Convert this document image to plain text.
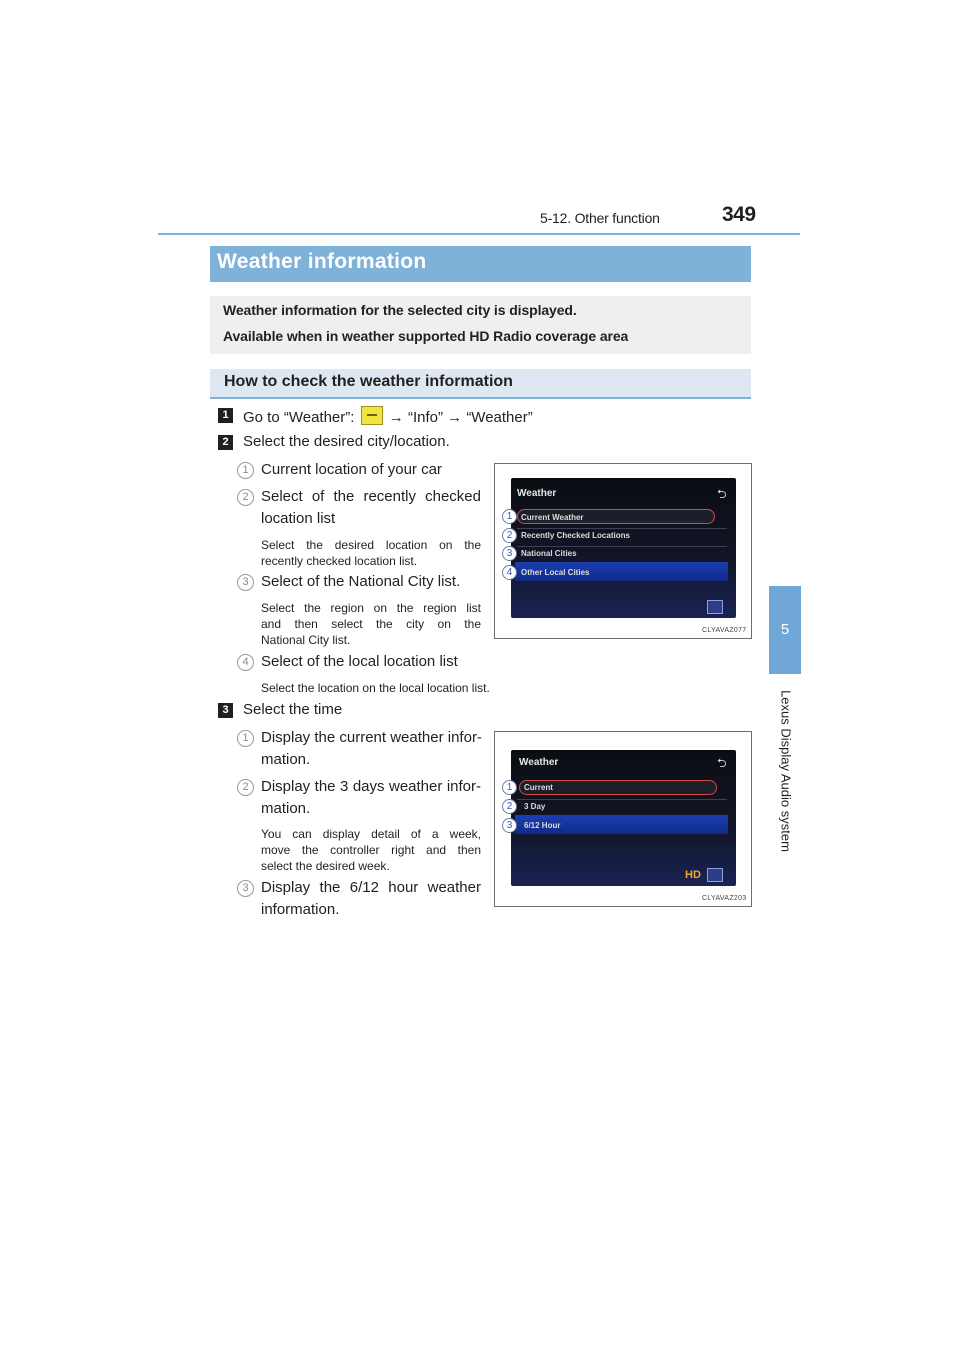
5-12. Other function	349
5
Lexus Display Audio system
Weather information
Weather information for the selected city is displayed.
Available when in weather supported HD Radio coverage area
How to check the weather information
1 Go to “Weather”: → “Info” → “Weather”
2 Select the desired city/location.
1 Current location of your car
2 Select of the recently checked
location list
Select the desired location on the
recently checked location list.
3 Select of the National City list.
Select the region on the region list
and then select the city on the
National City list.
4 Select of the local location list
Select the location on the local location list.
3 Select the time
1 Display the current weather infor-
mation.
2 Display the 3 days weather infor-
mation.
You can display detail of a week,
move the controller right and then
select the desired week.
3 Display the 6/12 hour weather
information.
Weather	⮌
Current Weather
Recently Checked Locations
National Cities
Other Local Cities
1
2
3
4
CLYAVAZ077
Weather	⮌
Current
3 Day
6/12 Hour
HD
1
2
3
CLYAVAZ203
